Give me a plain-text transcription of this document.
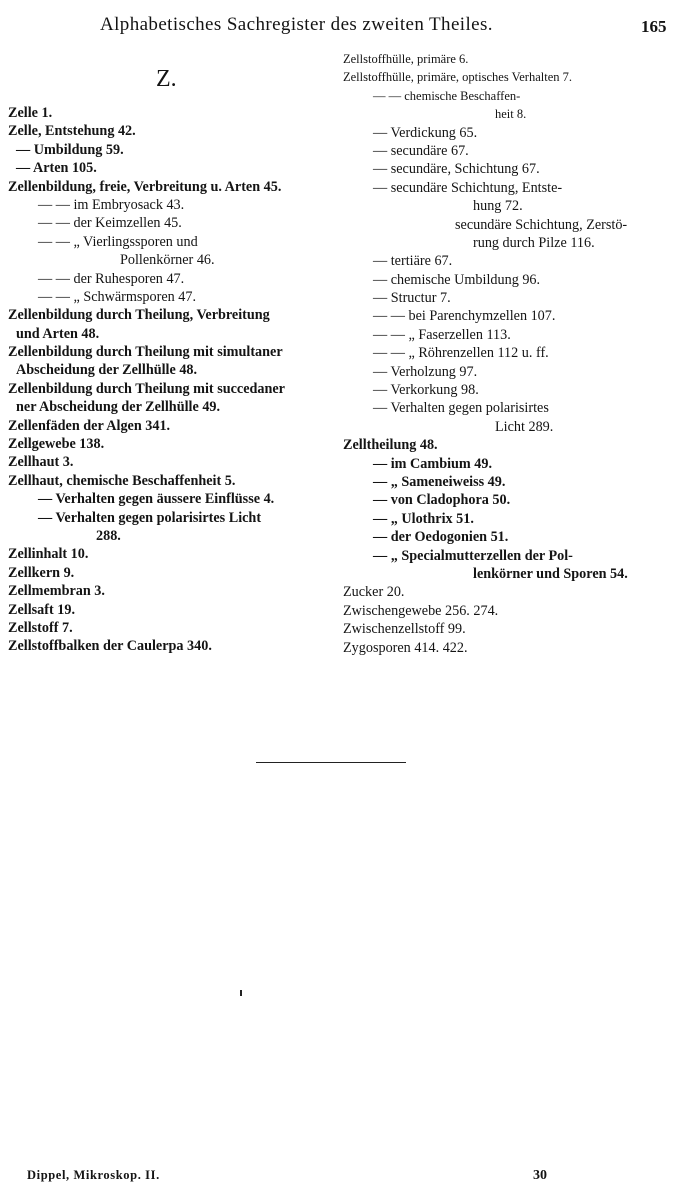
Alphabetisches Sachregister des zweiten Theiles.	165
Z.
Zelle 1.
Zelle, Entstehung 42.
— Umbildung 59.
— Arten 105.
Zellenbildung, freie, Verbreitung u. Arten 45.
— — im Embryosack 43.
— — der Keimzellen 45.
— — „ Vierlingssporen und
Pollenkörner 46.
— — der Ruhesporen 47.
— — „ Schwärmsporen 47.
Zellenbildung durch Theilung, Verbreitung
und Arten 48.
Zellenbildung durch Theilung mit simultaner
Abscheidung der Zellhülle 48.
Zellenbildung durch Theilung mit succedaner
ner Abscheidung der Zellhülle 49.
Zellenfäden der Algen 341.
Zellgewebe 138.
Zellhaut 3.
Zellhaut, chemische Beschaffenheit 5.
— Verhalten gegen äussere Einflüsse 4.
— Verhalten gegen polarisirtes Licht
288.
Zellinhalt 10.
Zellkern 9.
Zellmembran 3.
Zellsaft 19.
Zellstoff 7.
Zellstoffbalken der Caulerpa 340.
Zellstoffhülle, primäre 6.
Zellstoffhülle, primäre, optisches Verhalten 7.
— — chemische Beschaffen-
heit 8.
— Verdickung 65.
— secundäre 67.
— secundäre, Schichtung 67.
— secundäre Schichtung, Entste-
hung 72.
secundäre Schichtung, Zerstö-
rung durch Pilze 116.
— tertiäre 67.
— chemische Umbildung 96.
— Structur 7.
— — bei Parenchymzellen 107.
— — „ Faserzellen 113.
— — „ Röhrenzellen 112 u. ff.
— Verholzung 97.
— Verkorkung 98.
— Verhalten gegen polarisirtes
Licht 289.
Zelltheilung 48.
— im Cambium 49.
— „ Sameneiweiss 49.
— von Cladophora 50.
— „ Ulothrix 51.
— der Oedogonien 51.
— „ Specialmutterzellen der Pol-
lenkörner und Sporen 54.
Zucker 20.
Zwischengewebe 256. 274.
Zwischenzellstoff 99.
Zygosporen 414. 422.
Dippel, Mikroskop. II.	30
